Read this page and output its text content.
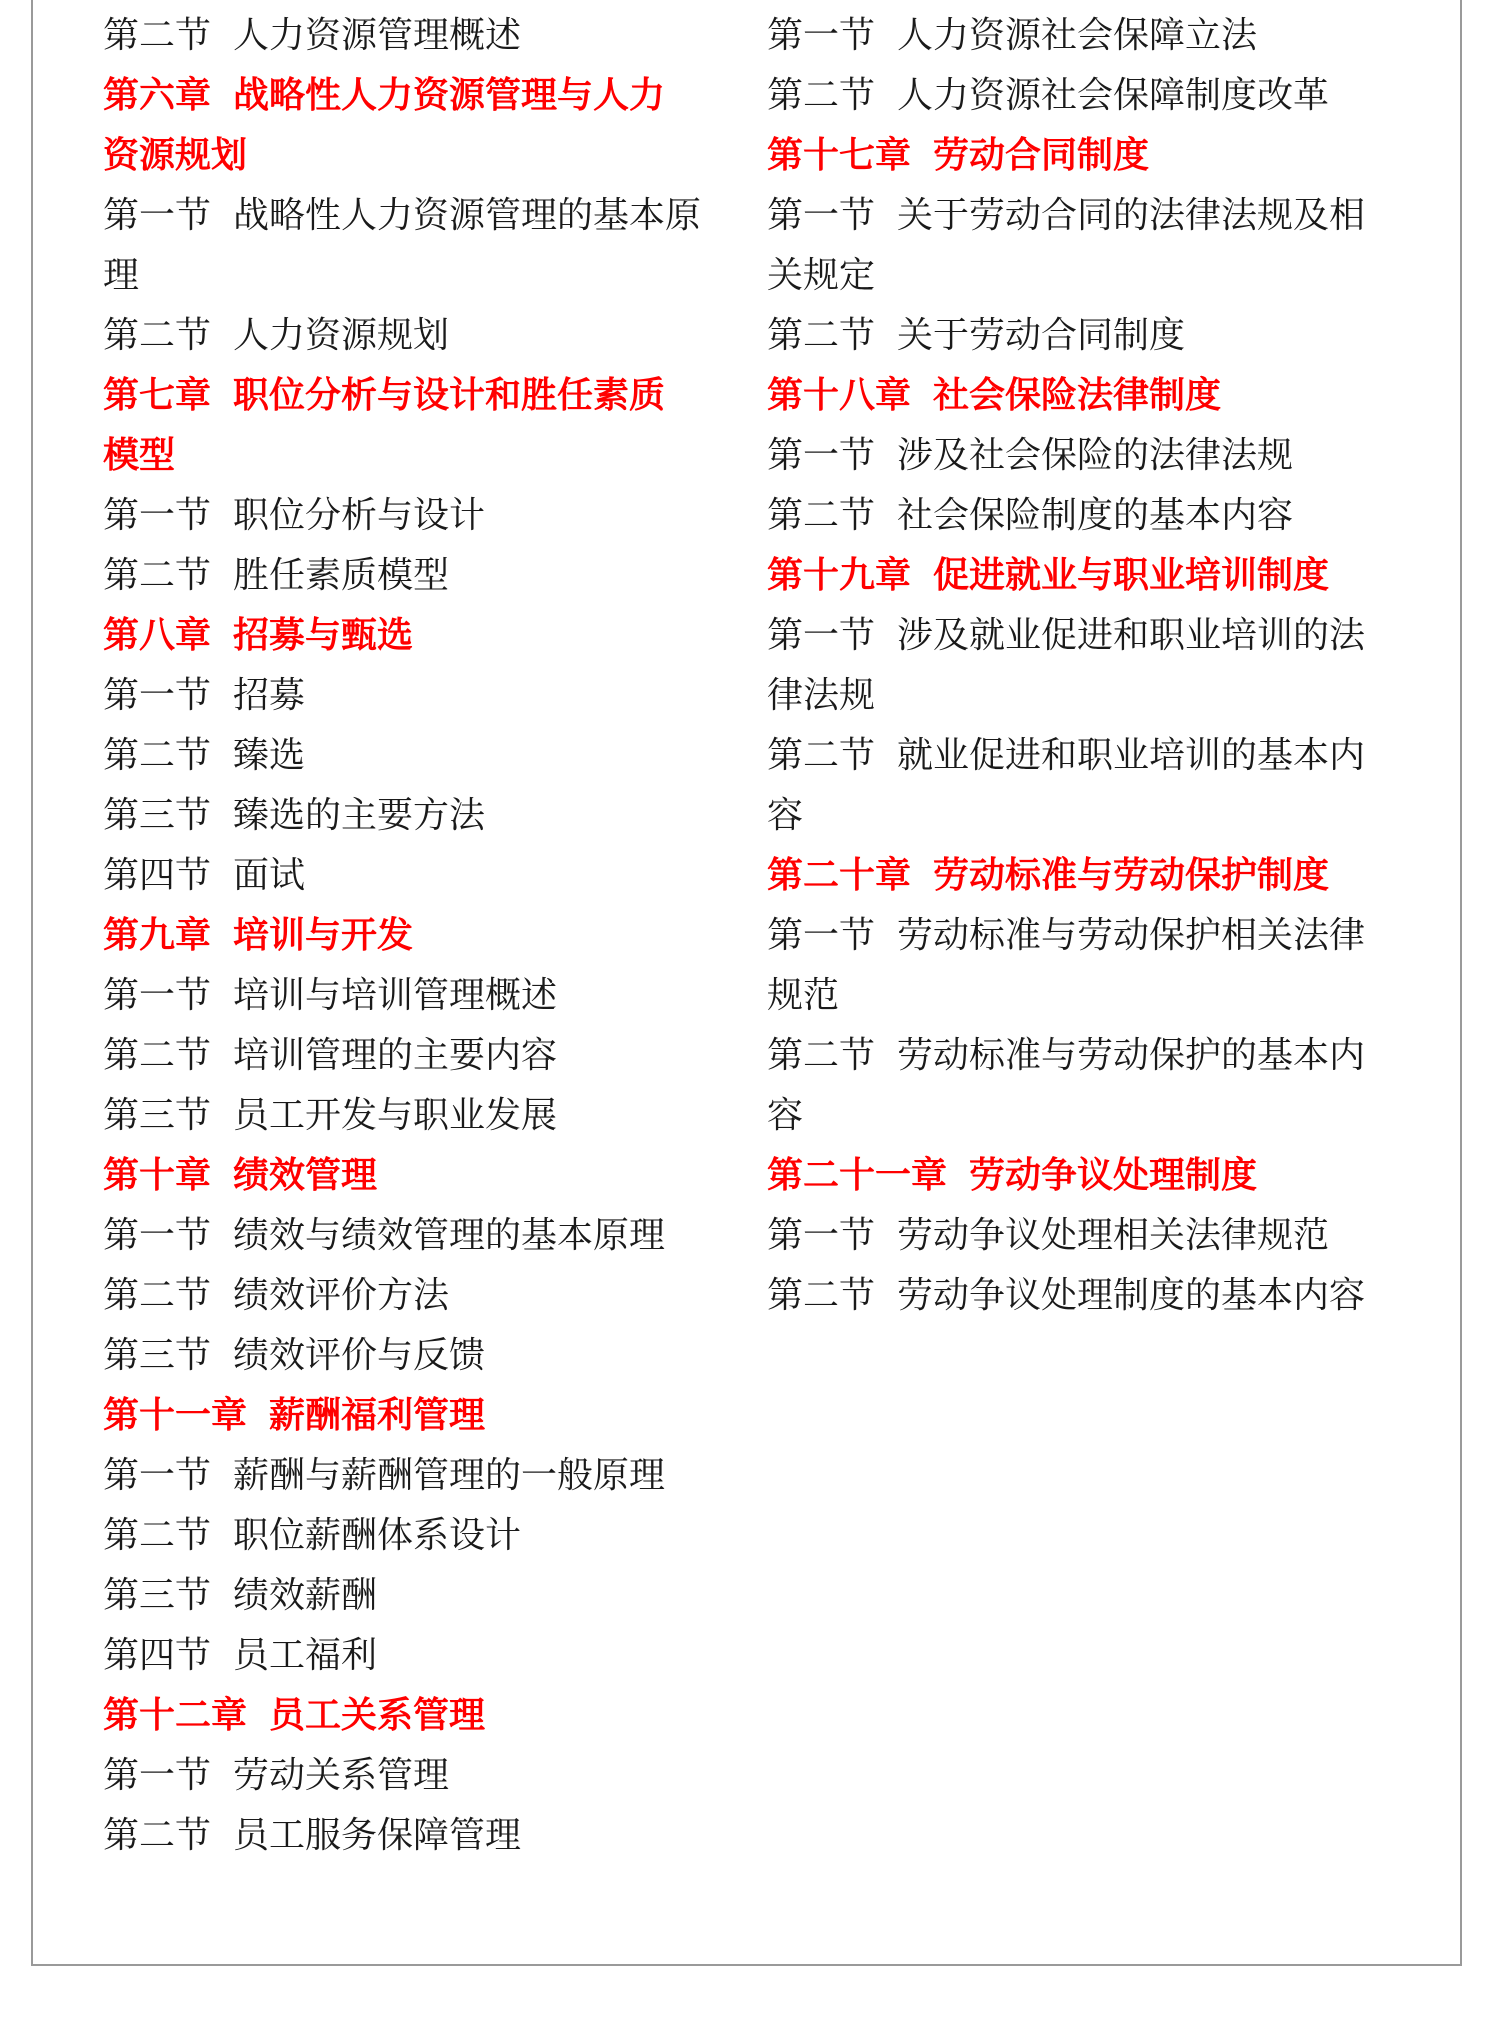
第二节 人力资源管理概述
第六章 战略性人力资源管理与人力
资源规划
第一节 战略性人力资源管理的基本原
理
第二节 人力资源规划
第七章 职位分析与设计和胜任素质
模型
第一节 职位分析与设计
第二节 胜任素质模型
第八章 招募与甄选
第一节 招募
第二节 臻选
第三节 臻选的主要方法
第四节 面试
第九章 培训与开发
第一节 培训与培训管理概述
第二节 培训管理的主要内容
第三节 员工开发与职业发展
第十章 绩效管理
第一节 绩效与绩效管理的基本原理
第二节 绩效评价方法
第三节 绩效评价与反馈
第十一章 薪酬福利管理
第一节 薪酬与薪酬管理的一般原理
第二节 职位薪酬体系设计
第三节 绩效薪酬
第四节 员工福利
第十二章 员工关系管理
第一节 劳动关系管理
第二节 员工服务保障管理
第一节 人力资源社会保障立法
第二节 人力资源社会保障制度改革
第十七章 劳动合同制度
第一节 关于劳动合同的法律法规及相
关规定
第二节 关于劳动合同制度
第十八章 社会保险法律制度
第一节 涉及社会保险的法律法规
第二节 社会保险制度的基本内容
第十九章 促进就业与职业培训制度
第一节 涉及就业促进和职业培训的法
律法规
第二节 就业促进和职业培训的基本内
容
第二十章 劳动标准与劳动保护制度
第一节 劳动标准与劳动保护相关法律
规范
第二节 劳动标准与劳动保护的基本内
容
第二十一章 劳动争议处理制度
第一节 劳动争议处理相关法律规范
第二节 劳动争议处理制度的基本内容
